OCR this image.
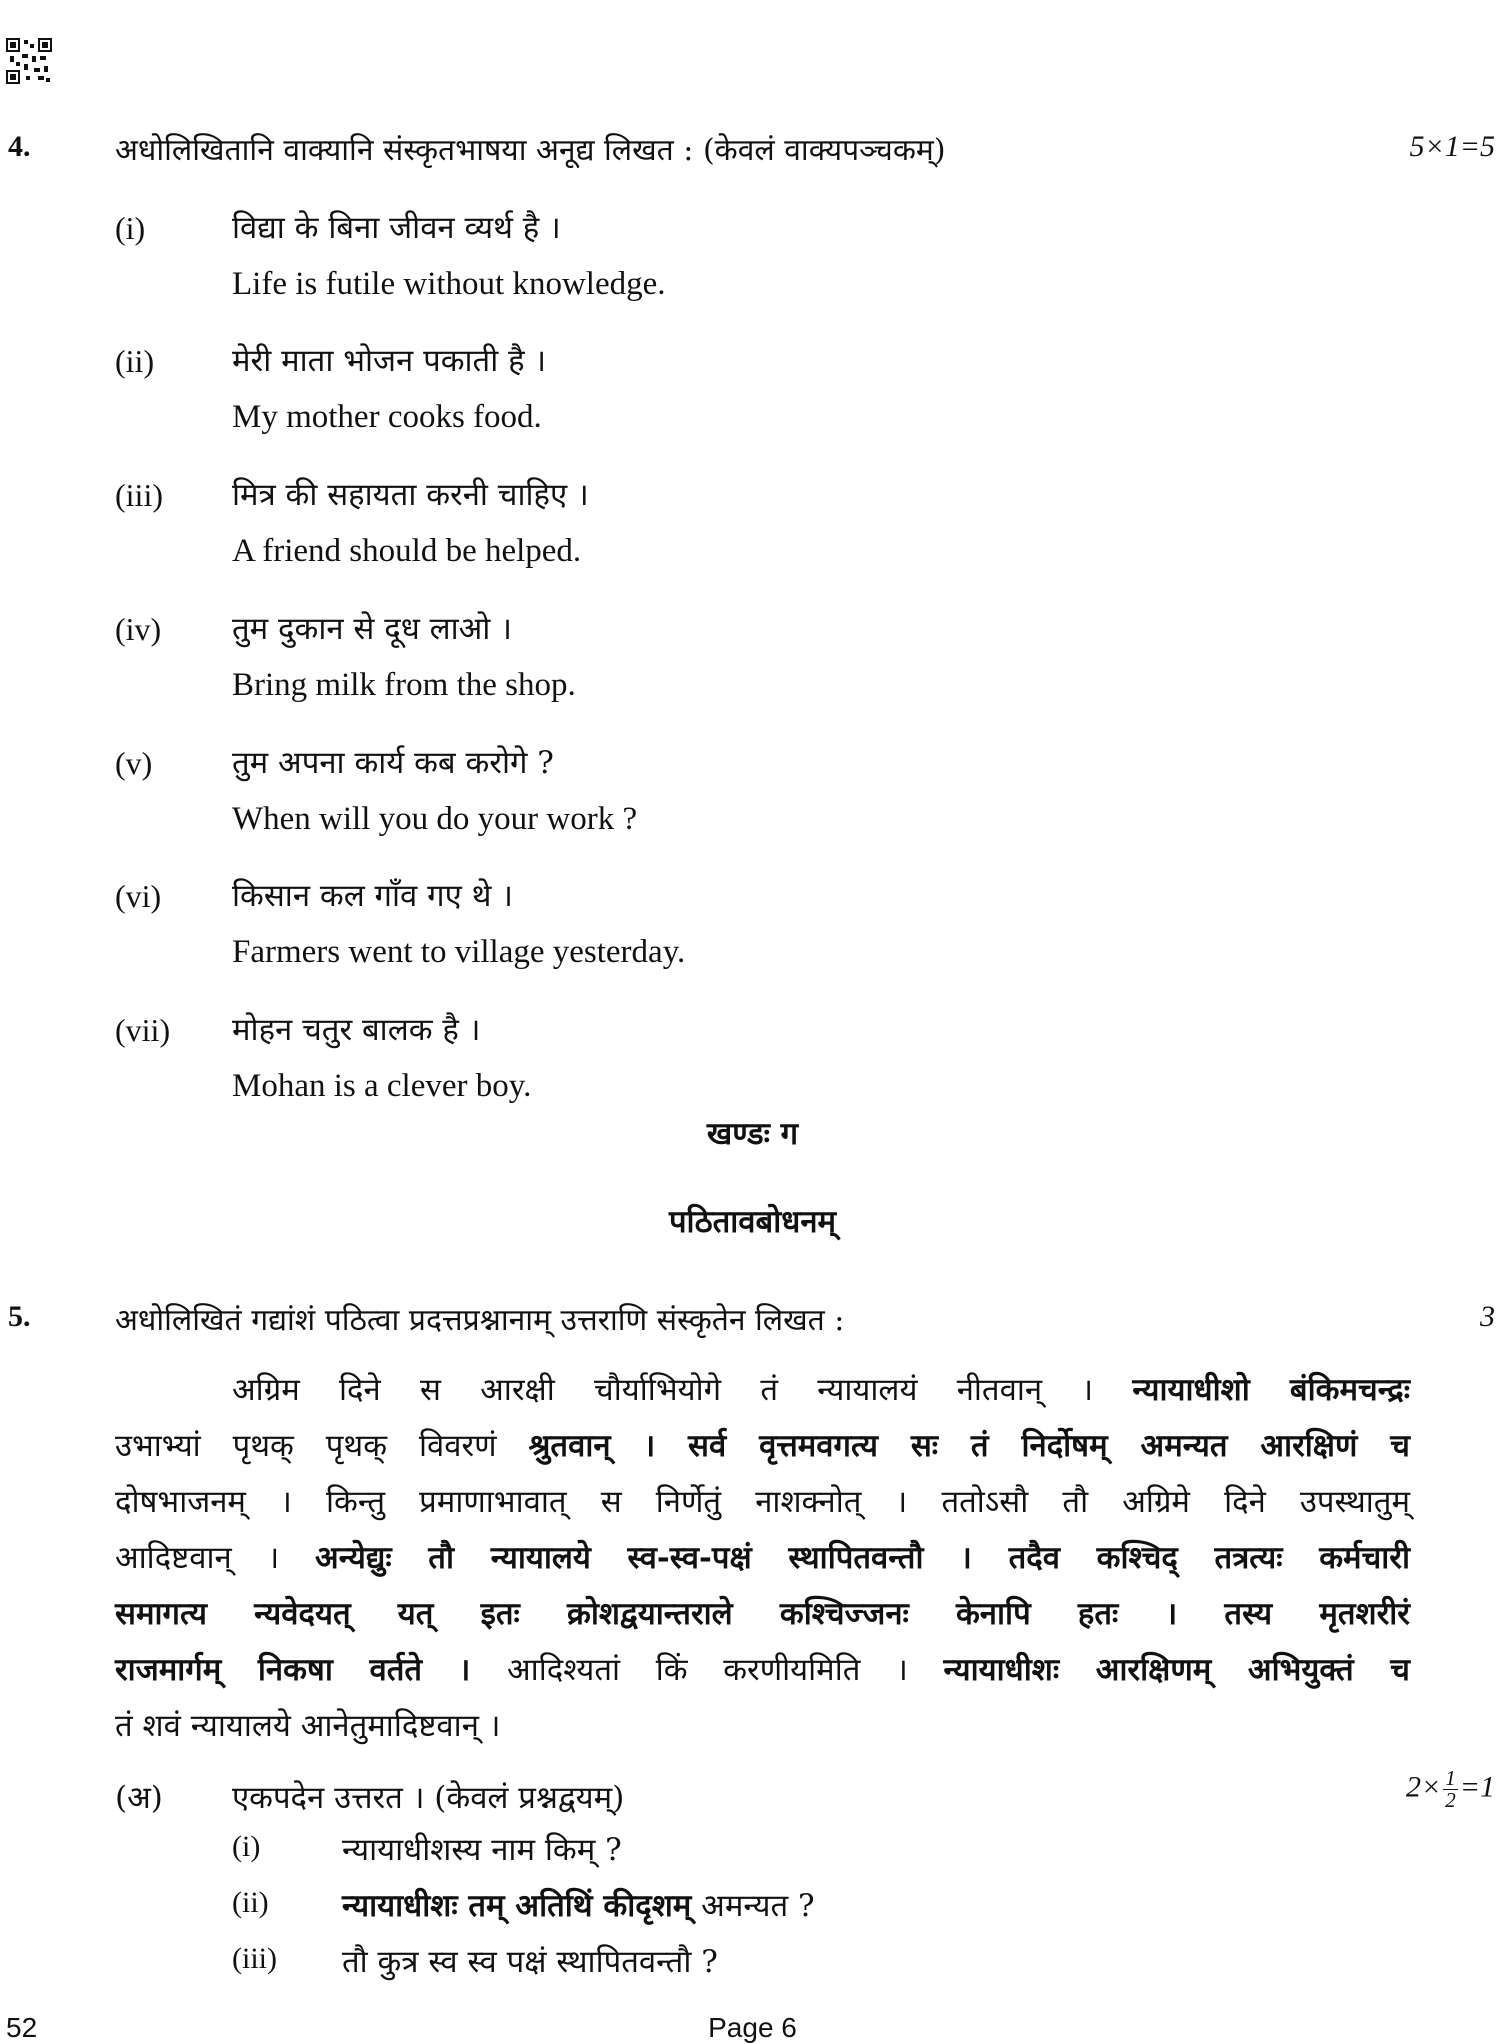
4.	अधोलिखितानि वाक्यानि संस्कृतभाषया अनूद्य लिखत : (केवलं वाक्यपञ्चकम्)	5×1=5
(i)	विद्या के बिना जीवन व्यर्थ है ।
Life is futile without knowledge.
(ii)	मेरी माता भोजन पकाती है ।
My mother cooks food.
(iii) मित्र की सहायता करनी चाहिए ।
A friend should be helped.
(iv) तुम दुकान से दूध लाओ ।
Bring milk from the shop.
(v)	तुम अपना कार्य कब करोगे ?
When will you do your work ?
(vi) किसान कल गाँव गए थे ।
Farmers went to village yesterday.
(vii) मोहन चतुर बालक है ।
Mohan is a clever boy.
खण्डः ग
पठितावबोधनम्
5.	अधोलिखितं गद्यांशं पठित्वा प्रदत्तप्रश्नानाम् उत्तराणि संस्कृतेन लिखत :	3
अग्रिम दिने स आरक्षी चौर्याभियोगे तं न्यायालयं नीतवान् । न्यायाधीशो बंकिमचन्द्रः
उभाभ्यां पृथक् पृथक् विवरणं श्रुतवान् । सर्व वृत्तमवगत्य सः तं निर्दोषम् अमन्यत आरक्षिणं च
दोषभाजनम् । किन्तु प्रमाणाभावात् स निर्णेतुं नाशक्नोत् । ततोऽसौ तौ अग्रिमे दिने उपस्थातुम्
आदिष्टवान् । अन्येद्युः तौ न्यायालये स्व-स्व-पक्षं स्थापितवन्तौ । तदैव कश्चिद् तत्रत्यः कर्मचारी
समागत्य न्यवेदयत् यत् इतः क्रोशद्वयान्तराले कश्चिज्जनः केनापि हतः । तस्य मृतशरीरं
राजमार्गम् निकषा वर्तते । आदिश्यतां किं करणीयमिति । न्यायाधीशः आरक्षिणम् अभियुक्तं च
तं शवं न्यायालये आनेतुमादिष्टवान् ।
(अ) एकपदेन उत्तरत । (केवलं प्रश्नद्वयम्)	$2\times \frac{1}{2} =1$
(i)	न्यायाधीशस्य नाम किम् ?
(ii) न्यायाधीशः तम् अतिथिं कीदृशम् अमन्यत ?
(iii) तौ कुत्र स्व स्व पक्षं स्थापितवन्तौ ?
52	Page 6
